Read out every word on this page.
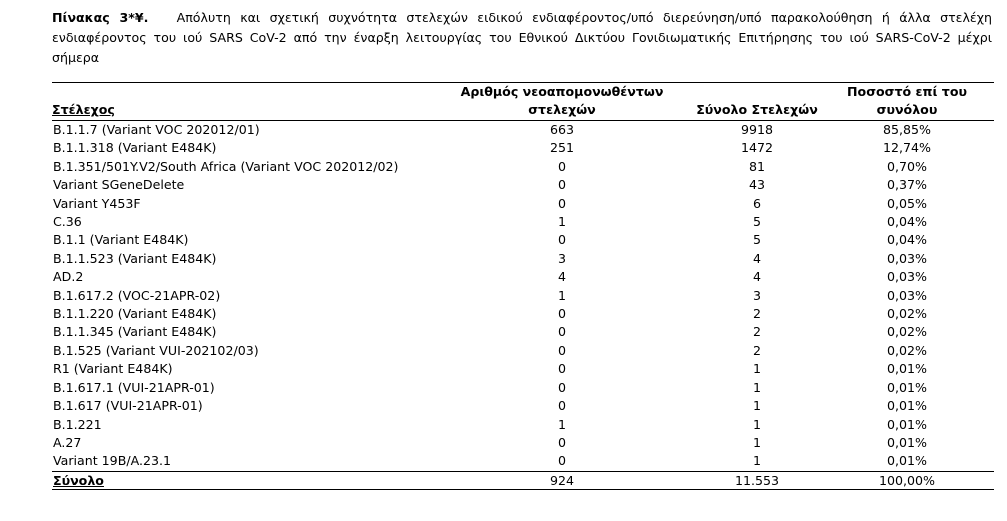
Πίνακας 3*¥. Απόλυτη και σχετική συχνότητα στελεχών ειδικού ενδιαφέροντος/υπό διερεύνηση/υπό παρακολούθηση ή άλλα στελέχη ενδιαφέροντος του ιού SARS CoV-2 από την έναρξη λειτουργίας του Εθνικού Δικτύου Γονιδιωματικής Επιτήρησης του ιού SARS-CoV-2 μέχρι σήμερα
Στέλεχος	Αριθμός νεοαπομονωθέντων στελεχών	Σύνολο Στελεχών	Ποσοστό επί του συνόλου
B.1.1.7 (Variant VOC 202012/01)	663	9918	85,85%
B.1.1.318 (Variant E484K)	251	1472	12,74%
B.1.351/501Y.V2/South Africa (Variant VOC 202012/02)	0	81	0,70%
Variant SGeneDelete	0	43	0,37%
Variant Y453F	0	6	0,05%
C.36	1	5	0,04%
B.1.1 (Variant E484K)	0	5	0,04%
B.1.1.523 (Variant E484K)	3	4	0,03%
AD.2	4	4	0,03%
B.1.617.2 (VOC-21APR-02)	1	3	0,03%
B.1.1.220 (Variant E484K)	0	2	0,02%
B.1.1.345 (Variant E484K)	0	2	0,02%
B.1.525 (Variant VUI-202102/03)	0	2	0,02%
R1 (Variant E484K)	0	1	0,01%
B.1.617.1 (VUI-21APR-01)	0	1	0,01%
B.1.617 (VUI-21APR-01)	0	1	0,01%
B.1.221	1	1	0,01%
A.27	0	1	0,01%
Variant 19B/A.23.1	0	1	0,01%
Σύνολο	924	11.553	100,00%
